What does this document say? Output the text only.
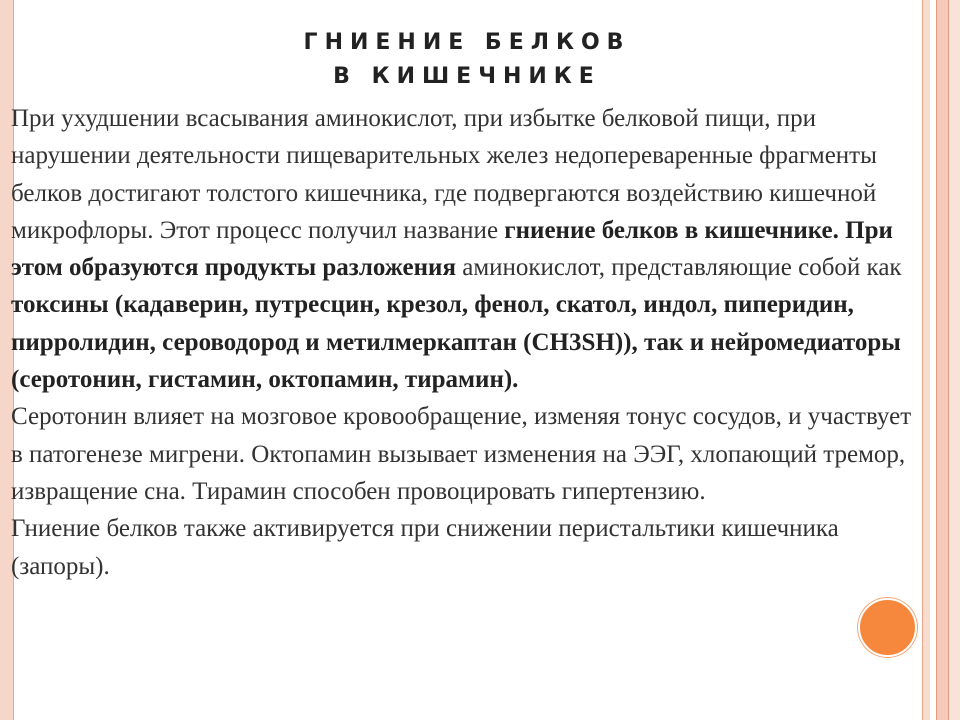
ГНИЕНИЕ БЕЛКОВ
В КИШЕЧНИКЕ
При ухудшении всасывания аминокислот, при избытке белковой пищи, при нарушении деятельности пищеварительных желез недопереваренные фрагменты белков достигают толстого кишечника, где подвергаются воздействию кишечной микрофлоры. Этот процесс получил название гниение белков в кишечнике. При этом образуются продукты разложения аминокислот, представляющие собой как токсины (кадаверин, путресцин, крезол, фенол, скатол, индол, пиперидин, пирролидин, сероводород и метилмеркаптан (CH3SH)), так и нейромедиаторы (серотонин, гистамин, октопамин, тирамин).
Серотонин влияет на мозговое кровообращение, изменяя тонус сосудов, и участвует в патогенезе мигрени. Октопамин вызывает изменения на ЭЭГ, хлопающий тремор, извращение сна. Тирамин способен провоцировать гипертензию.
Гниение белков также активируется при снижении перистальтики кишечника (запоры).
